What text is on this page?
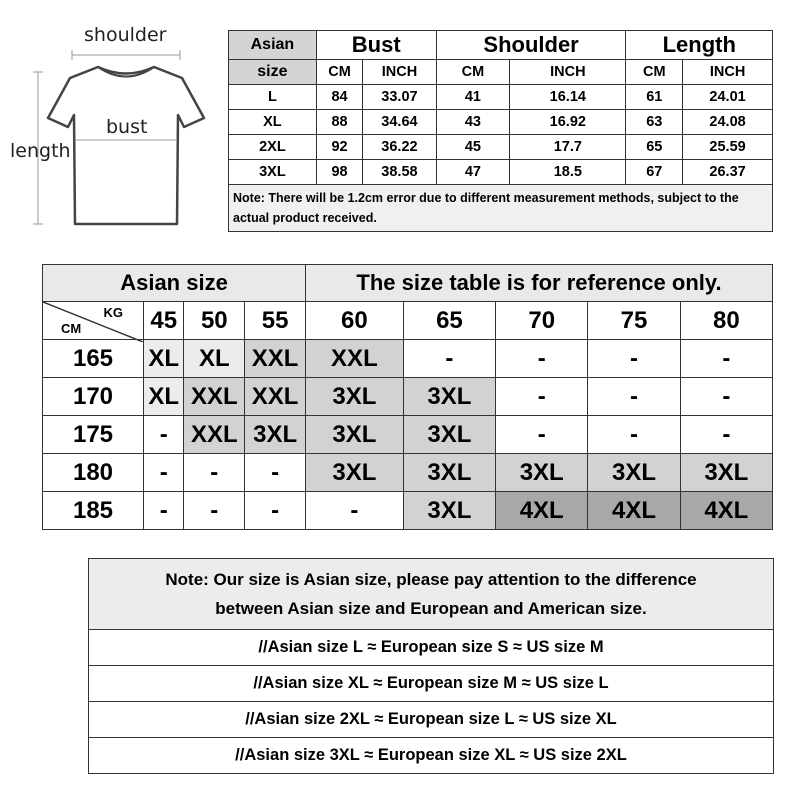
shoulder
bust
length
Asian	Bust		Shoulder		Length	
size	CM	INCH	CM	INCH	CM	INCH
L	84	33.07	41	16.14	61	24.01
XL	88	34.64	43	16.92	63	24.08
2XL	92	36.22	45	17.7	65	25.59
3XL	98	38.58	47	18.5	67	26.37
Note: There will be 1.2cm error due to different measurement methods, subject to the actual product received.						
Asian size				The size table is for reference only.				

KG
CM	45	50	55	60	65	70	75	80
165	XL	XL	XXL	XXL	-	-	-	-
170	XL	XXL	XXL	3XL	3XL	-	-	-
175	-	XXL	3XL	3XL	3XL	-	-	-
180	-	-	-	3XL	3XL	3XL	3XL	3XL
185	-	-	-	-	3XL	4XL	4XL	4XL
Note: Our size is Asian size, please pay attention to the difference
between Asian size and European and American size.
//Asian size L ≈ European size S ≈ US size M
//Asian size XL ≈ European size M ≈ US size L
//Asian size 2XL ≈ European size L ≈ US size XL
//Asian size 3XL ≈ European size XL ≈ US size 2XL
